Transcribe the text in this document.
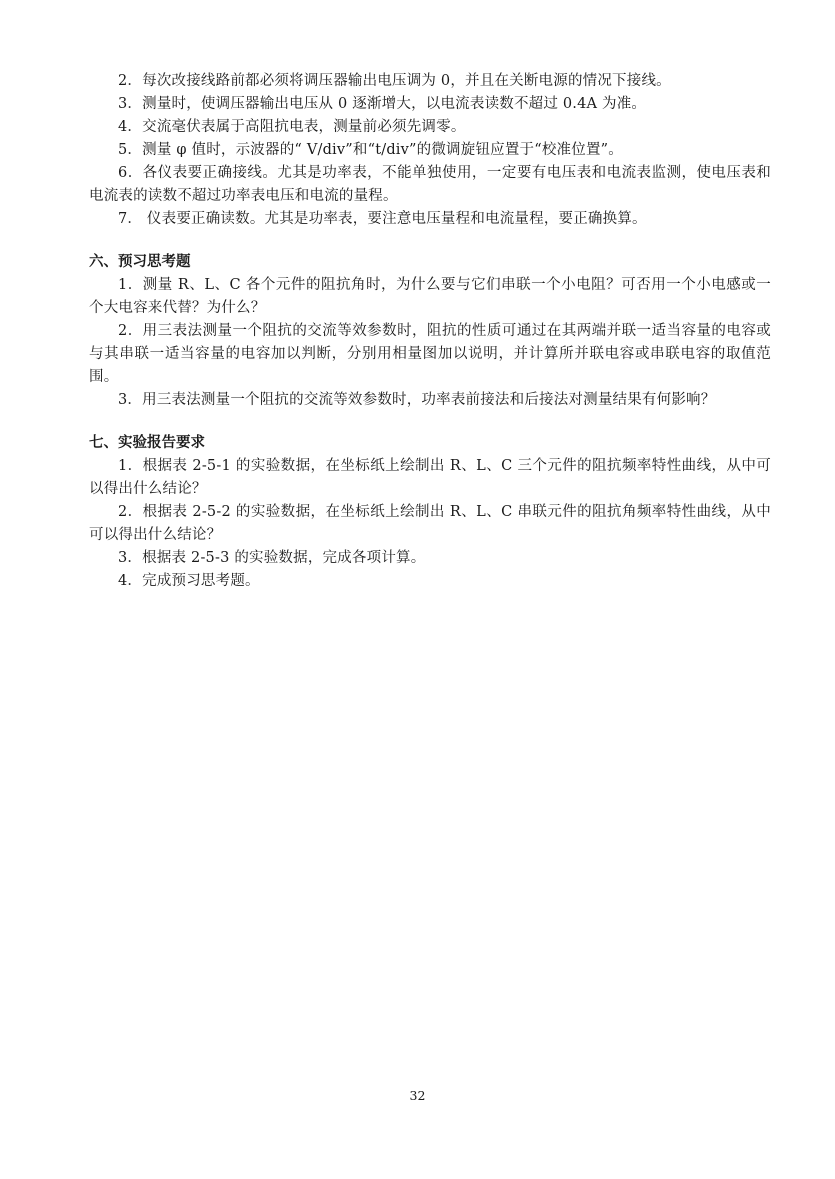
2．每次改接线路前都必须将调压器输出电压调为 0，并且在关断电源的情况下接线。

3．测量时，使调压器输出电压从 0 逐渐增大，以电流表读数不超过 0.4A 为准。

4．交流毫伏表属于高阻抗电表，测量前必须先调零。

5．测量 φ 值时，示波器的“ V/div”和“t/div”的微调旋钮应置于“校准位置”。

6．各仪表要正确接线。尤其是功率表，不能单独使用，一定要有电压表和电流表监测，使电压表和电流表的读数不超过功率表电压和电流的量程。

7． 仪表要正确读数。尤其是功率表，要注意电压量程和电流量程，要正确换算。

六、预习思考题

1．测量 R、L、C 各个元件的阻抗角时，为什么要与它们串联一个小电阻？可否用一个小电感或一个大电容来代替？为什么？

2．用三表法测量一个阻抗的交流等效参数时，阻抗的性质可通过在其两端并联一适当容量的电容或与其串联一适当容量的电容加以判断，分别用相量图加以说明，并计算所并联电容或串联电容的取值范围。

3．用三表法测量一个阻抗的交流等效参数时，功率表前接法和后接法对测量结果有何影响？

七、实验报告要求

1．根据表 2-5-1 的实验数据，在坐标纸上绘制出 R、L、C 三个元件的阻抗频率特性曲线，从中可以得出什么结论？

2．根据表 2-5-2 的实验数据，在坐标纸上绘制出 R、L、C 串联元件的阻抗角频率特性曲线，从中可以得出什么结论？

3．根据表 2-5-3 的实验数据，完成各项计算。

4．完成预习思考题。

32
